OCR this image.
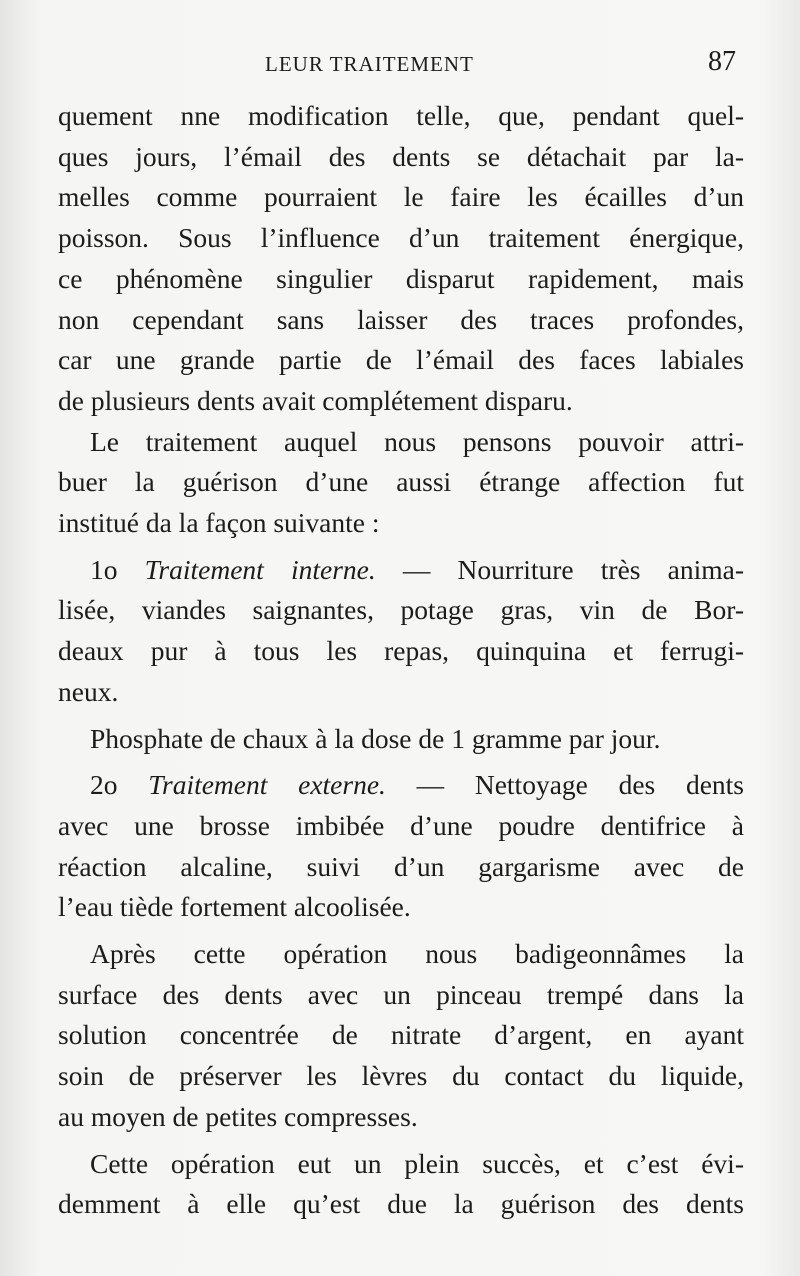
LEUR TRAITEMENT	87
quement nne modification telle, que, pendant quel-
ques jours, l’émail des dents se détachait par la-
melles comme pourraient le faire les écailles d’un
poisson. Sous l’influence d’un traitement énergique,
ce phénomène singulier disparut rapidement, mais
non cependant sans laisser des traces profondes,
car une grande partie de l’émail des faces labiales
de plusieurs dents avait complétement disparu.
Le traitement auquel nous pensons pouvoir attri-
buer la guérison d’une aussi étrange affection fut
institué da la façon suivante :
1o Traitement interne. — Nourriture très anima-
lisée, viandes saignantes, potage gras, vin de Bor-
deaux pur à tous les repas, quinquina et ferrugi-
neux.
Phosphate de chaux à la dose de 1 gramme par jour.
2o Traitement externe. — Nettoyage des dents
avec une brosse imbibée d’une poudre dentifrice à
réaction alcaline, suivi d’un gargarisme avec de
l’eau tiède fortement alcoolisée.
Après cette opération nous badigeonnâmes la
surface des dents avec un pinceau trempé dans la
solution concentrée de nitrate d’argent, en ayant
soin de préserver les lèvres du contact du liquide,
au moyen de petites compresses.
Cette opération eut un plein succès, et c’est évi-
demment à elle qu’est due la guérison des dents
